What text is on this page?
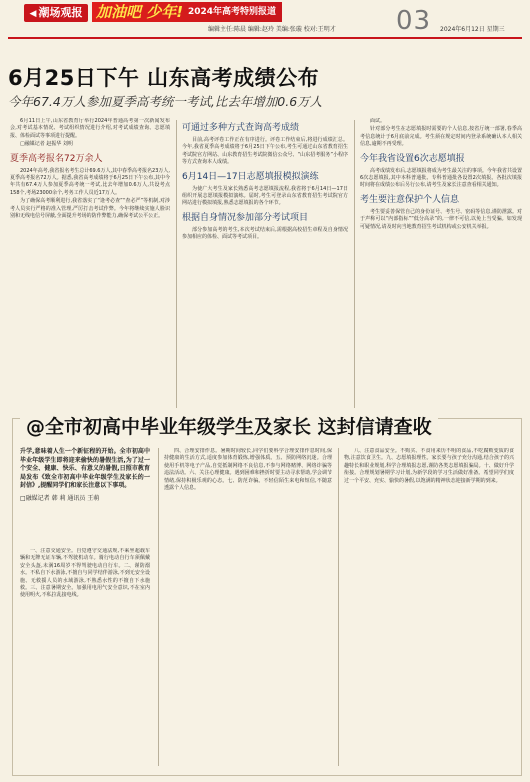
◀ 潮场观报 加油吧 少年! 2024年高考特别报道	03
编辑主任:陈晨 编辑:赵玲 美编:张璇 校对:王明才	2024年6月12日 星期三
6月25日下午 山东高考成绩公布
今年67.4万人参加夏季高考统一考试,比去年增加0.6万人

6月11日上午,山东省教育厅举行2024年普通高考第一次新闻发布会,对考试基本情况、考试组织情况进行介绍,对考试成绩查询、志愿填报、体检面试等事项进行提醒。

□融媒记者 赵振华 刘明

夏季高考报名72万余人

2024年高考,我省报名考生总计69.6万人,其中春季高考报名23万人,夏季高考报名72万人。据悉,我省高考成绩将于6月25日下午公布,其中今年共有67.4万人参加夏季高考统一考试,比去年增加0.6万人,共设考点158个,考场23000余个,考务工作人员近17万人。

为了确保高考顺利进行,我省落实了“逢考必查”“查必严”等机制,对涉考人员实行严格的准入管理,严厉打击考试作弊。今年将继续实施人脸识别和无线电信号屏蔽,全面提升考场的防作弊能力,确保考试公平公正。

可通过多种方式查询高考成绩

目前,高考评卷工作正在有序进行。评卷工作结束后,将进行成绩汇总。今年,我省夏季高考成绩将于6月25日下午公布,考生可通过山东省教育招生考试院官方网站、山东教育招生考试院微信公众号、“山东招考服务”小程序等方式查询本人成绩。

6月14日—17日志愿填报模拟演练

为使广大考生及家长熟悉高考志愿填报流程,我省将于6月14日—17日组织开展志愿填报模拟演练。届时,考生可登录山东省教育招生考试院官方网站进行模拟填报,熟悉志愿填报的各个环节。

根据自身情况参加部分考试项目

部分参加高考的考生,本次考试结束后,需根据高校招生章程及自身情况参加相应的体检、面试等考试项目。

面试。

针对部分考生在志愿填报时需要的个人信息,按省厅统一部署,春季高考信息统计于6月底前完成。考生须在规定时间内登录系统确认本人相关信息,逾期不再受理。

今年我省设置6次志愿填报

高考成绩发布后,志愿填报将成为考生最关注的事项。今年我省共设置6次志愿填报,其中本科普通批、专科普通批各设置2次填报。各批次填报时间将在成绩公布后另行公布,请考生及家长注意查看相关通知。

考生要注意保护个人信息

考生要妥善保管自己的身份证号、考生号、密码等信息,谨防泄露。对于声称可以“内部指标”“低分高录”的,一律不可信,以免上当受骗。如发现可疑情况,请及时向当地教育招生考试机构或公安机关举报。

@全市初高中毕业年级学生及家长 这封信请查收
升学,意味着人生一个新征程的开始。全市初高中毕业年级学生即将迎来偷快的暑假生活,为了过一个安全、健康、快乐、有意义的暑假,日照市教育局发布《致全市初高中毕业年级学生及家长的一封信》,提醒同学们和家长注意以下事项。
□融媒记者 韩 莉 通讯员 王萌

一、注意交通安全。自觉遵守交通法规,不乘坐超载车辆和无牌无证车辆,不驾驶机动车。骑行电动自行车须佩戴安全头盔,未满16周岁不得驾驶电动自行车。二、谨防溺水。不私自下水游泳,不擅自与同学结伴游泳,不到无安全设施、无救援人员的水域游泳,不熟悉水性的不擅自下水施救。三、注意暑期安全。加强用电用气安全意识,不在室内使用明火,不私拉乱接电线。

四、合理安排作息。暑期时间较长,同学们要科学合理安排作息时间,保持健康的生活方式,适度参加体育锻炼,增强体质。五、预防网络沉迷。合理使用手机等电子产品,自觉抵制网络不良信息,不参与网络赌博、网络诈骗等违法活动。六、关注心理健康。遇到困难和挫折时要主动寻求帮助,学会调节情绪,保持积极乐观的心态。七、防范诈骗。不轻信陌生来电和短信,不随意透露个人信息。

八、注意食品安全。不购买、不食用来历不明的食品,不吃腐败变质的食物,注意饮食卫生。九、志愿填报理性。家长要与孩子充分沟通,结合孩子的兴趣特长和职业规划,科学合理填报志愿,谨防各类志愿填报骗局。十、做好升学衔接。合理规划暑期学习计划,为新学段的学习生活做好准备。希望同学们度过一个平安、充实、愉快的暑假,以饱满的精神状态迎接新学期的到来。
